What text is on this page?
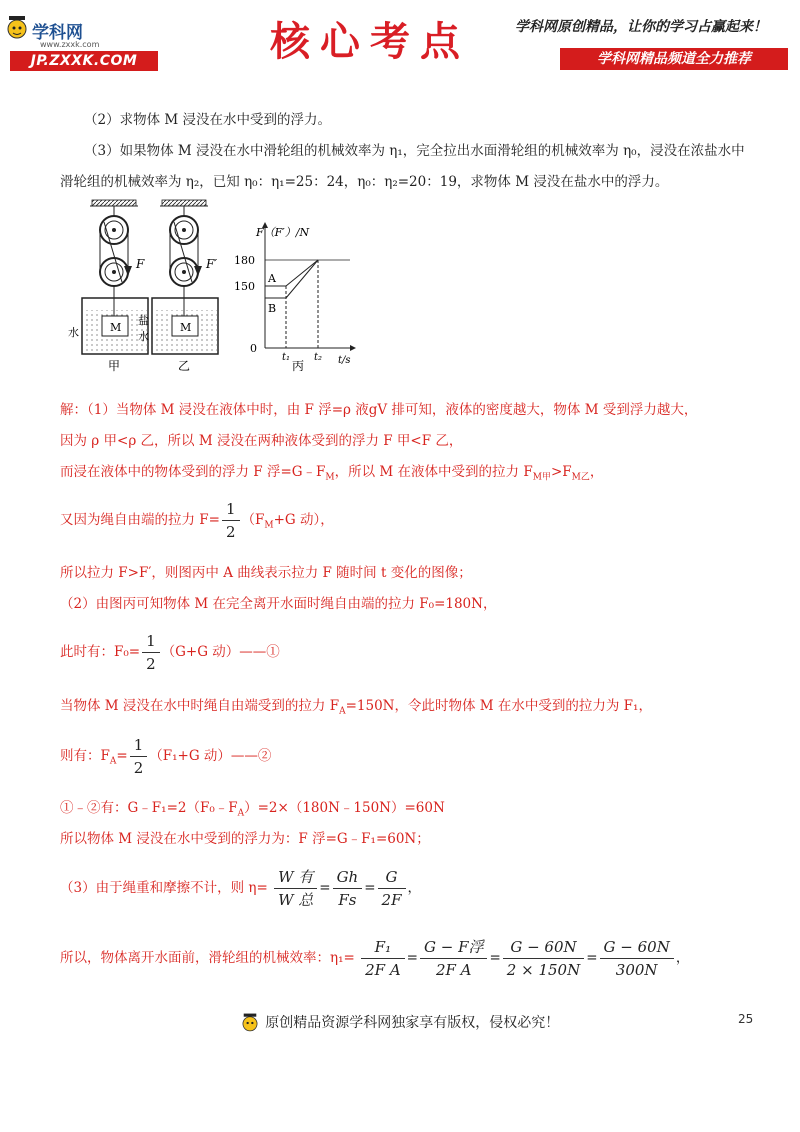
学科网
www.zxxk.com
JP.ZXXK.COM	核心考点	学科网原创精品，让你的学习占赢起来！
学科网精品频道全力推荐
（2）求物体 M 浸没在水中受到的浮力。
（3）如果物体 M 浸没在水中滑轮组的机械效率为 η₁，完全拉出水面滑轮组的机械效率为 η₀，浸没在浓盐水中
滑轮组的机械效率为 η₂，已知 η₀：η₁=25：24，η₀：η₂=20：19，求物体 M 浸没在盐水中的浮力。
F
M
水
甲
F′
M
盐
水
乙
F（F′）/N
t/s
180
150
0
t₁ t₂
A
B
丙
解：（1）当物体 M 浸没在液体中时，由 F 浮=ρ 液gV 排可知，液体的密度越大，物体 M 受到浮力越大，
因为 ρ 甲<ρ 乙，所以 M 浸没在两种液体受到的浮力 F 甲<F 乙，
而浸在液体中的物体受到的浮力 F 浮$=G﹣F_M$，所以 M 在液体中受到的拉力 $F_{M甲}>F_{M乙}$，
又因为绳自由端的拉力 $F= \frac{1}{2} (F_M+G$ 动），
所以拉力 F>F′，则图丙中 A 曲线表示拉力 F 随时间 t 变化的图像；
（2）由图丙可知物体 M 在完全离开水面时绳自由端的拉力 F₀=180N，
此时有：$F_0= \frac{1}{2} (G+G$ 动）——①
当物体 M 浸没在水中时绳自由端受到的拉力 $F_A=150N$，令此时物体 M 在水中受到的拉力为 F₁，
则有：$F_A= \frac{1}{2} (F_1+G$ 动）——②
①﹣②有：$G﹣F_1=2(F_0﹣F_A)=2\times(180N﹣150N)=60N$
所以物体 M 浸没在水中受到的浮力为：F 浮=G﹣F₁=60N；
（3）由于绳重和摩擦不计，则 $\eta= \frac{\text{W 有}}{\text{W 总}} = \frac{Gh}{Fs} = \frac{G}{2F}$ ，
所以，物体离开水面前，滑轮组的机械效率：$\eta_1= \frac{\text{F₁}}{\text{2F A}} = \frac{\text{G − F浮}}{\text{2F A}} = \frac{G - 60N}{2 \times 150N} = \frac{G - 60N}{300N}$ ，
原创精品资源学科网独家享有版权，侵权必究！	25
